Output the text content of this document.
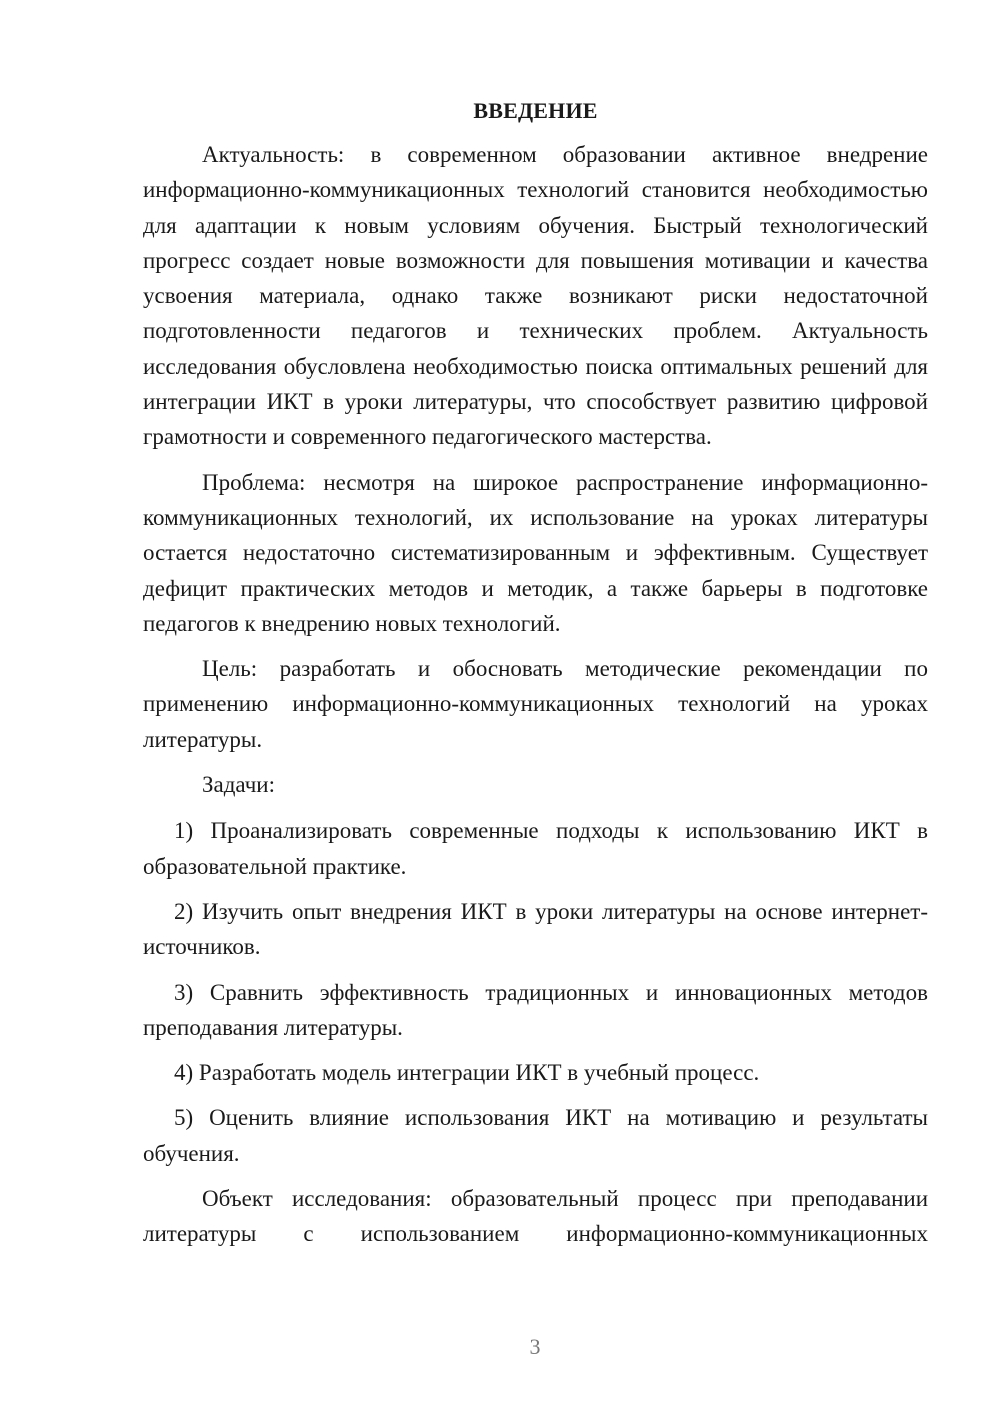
ВВЕДЕНИЕ

Актуальность: в современном образовании активное внедрение информационно-коммуникационных технологий становится необходимостью для адаптации к новым условиям обучения. Быстрый технологический прогресс создает новые возможности для повышения мотивации и качества усвоения материала, однако также возникают риски недостаточной подготовленности педагогов и технических проблем. Актуальность исследования обусловлена необходимостью поиска оптимальных решений для интеграции ИКТ в уроки литературы, что способствует развитию цифровой грамотности и современного педагогического мастерства.

Проблема: несмотря на широкое распространение информационно-коммуникационных технологий, их использование на уроках литературы остается недостаточно систематизированным и эффективным. Существует дефицит практических методов и методик, а также барьеры в подготовке педагогов к внедрению новых технологий.

Цель: разработать и обосновать методические рекомендации по применению информационно-коммуникационных технологий на уроках литературы.

Задачи:

1) Проанализировать современные подходы к использованию ИКТ в образовательной практике.

2) Изучить опыт внедрения ИКТ в уроки литературы на основе интернет-источников.

3) Сравнить эффективность традиционных и инновационных методов преподавания литературы.

4) Разработать модель интеграции ИКТ в учебный процесс.

5) Оценить влияние использования ИКТ на мотивацию и результаты обучения.

Объект исследования: образовательный процесс при преподавании литературы с использованием информационно-коммуникационных

3
